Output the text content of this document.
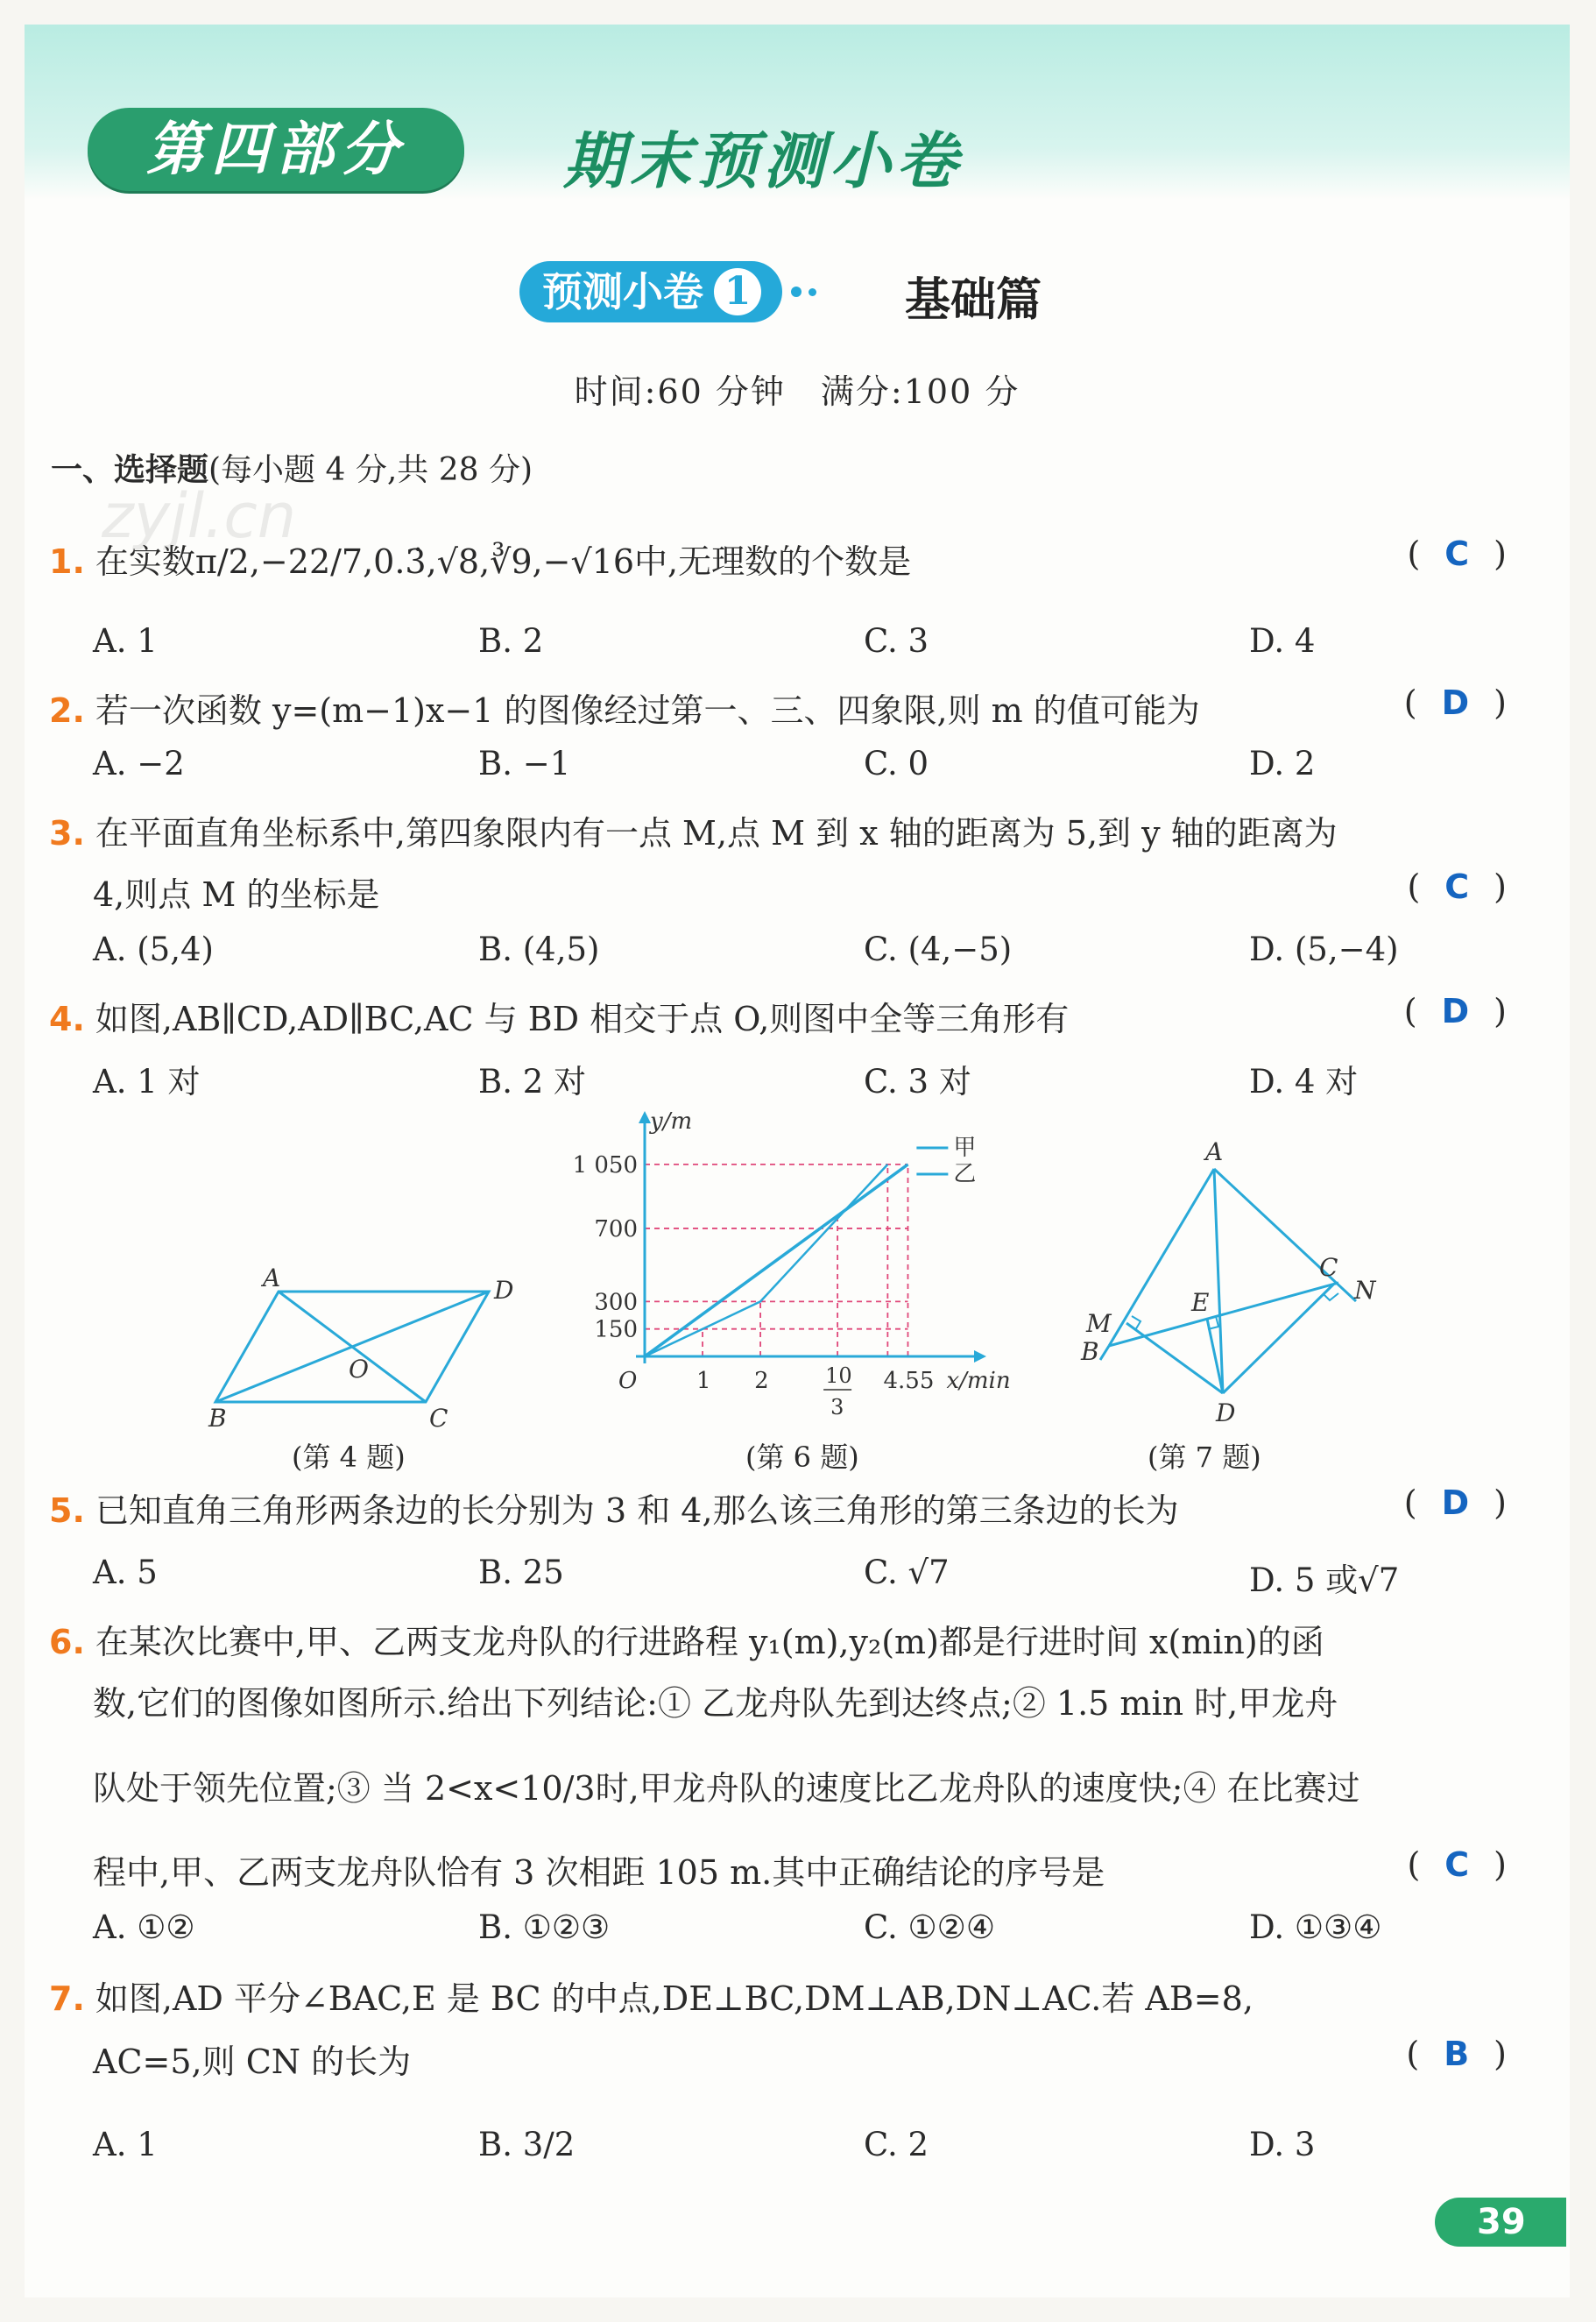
第四部分	期末预测小卷
预测小卷 1	基础篇
时间:60 分钟　满分:100 分
zyjl.cn
一、选择题(每小题 4 分,共 28 分)
1. 在实数π/2,−22/7,0.3̇,√8,∛9,−√16中,无理数的个数是	( C )
A. 1	B. 2	C. 3	D. 4
2. 若一次函数 y=(m−1)x−1 的图像经过第一、三、四象限,则 m 的值可能为	( D )
A. −2	B. −1	C. 0	D. 2
3. 在平面直角坐标系中,第四象限内有一点 M,点 M 到 x 轴的距离为 5,到 y 轴的距离为
4,则点 M 的坐标是	( C )
A. (5,4)	B. (4,5)	C. (4,−5)	D. (5,−4)
4. 如图,AB∥CD,AD∥BC,AC 与 BD 相交于点 O,则图中全等三角形有	( D )
A. 1 对	B. 2 对	C. 3 对	D. 4 对
A	D
B	C
O
(第 4 题)
甲
乙
y/m
x/min
O	1 2	10
3
4.55
150
300
700
1 050
(第 6 题)
A
B
C
D
E
M
N
(第 7 题)
5. 已知直角三角形两条边的长分别为 3 和 4,那么该三角形的第三条边的长为	( D )
A. 5	B. 25	C. √7	D. 5 或√7
6. 在某次比赛中,甲、乙两支龙舟队的行进路程 y₁(m),y₂(m)都是行进时间 x(min)的函
数,它们的图像如图所示.给出下列结论:① 乙龙舟队先到达终点;② 1.5 min 时,甲龙舟
队处于领先位置;③ 当 2<x<10/3时,甲龙舟队的速度比乙龙舟队的速度快;④ 在比赛过
程中,甲、乙两支龙舟队恰有 3 次相距 105 m.其中正确结论的序号是	( C )
A. ①②	B. ①②③	C. ①②④	D. ①③④
7. 如图,AD 平分∠BAC,E 是 BC 的中点,DE⊥BC,DM⊥AB,DN⊥AC.若 AB=8,
AC=5,则 CN 的长为	( B )
A. 1	B. 3/2	C. 2	D. 3
39
